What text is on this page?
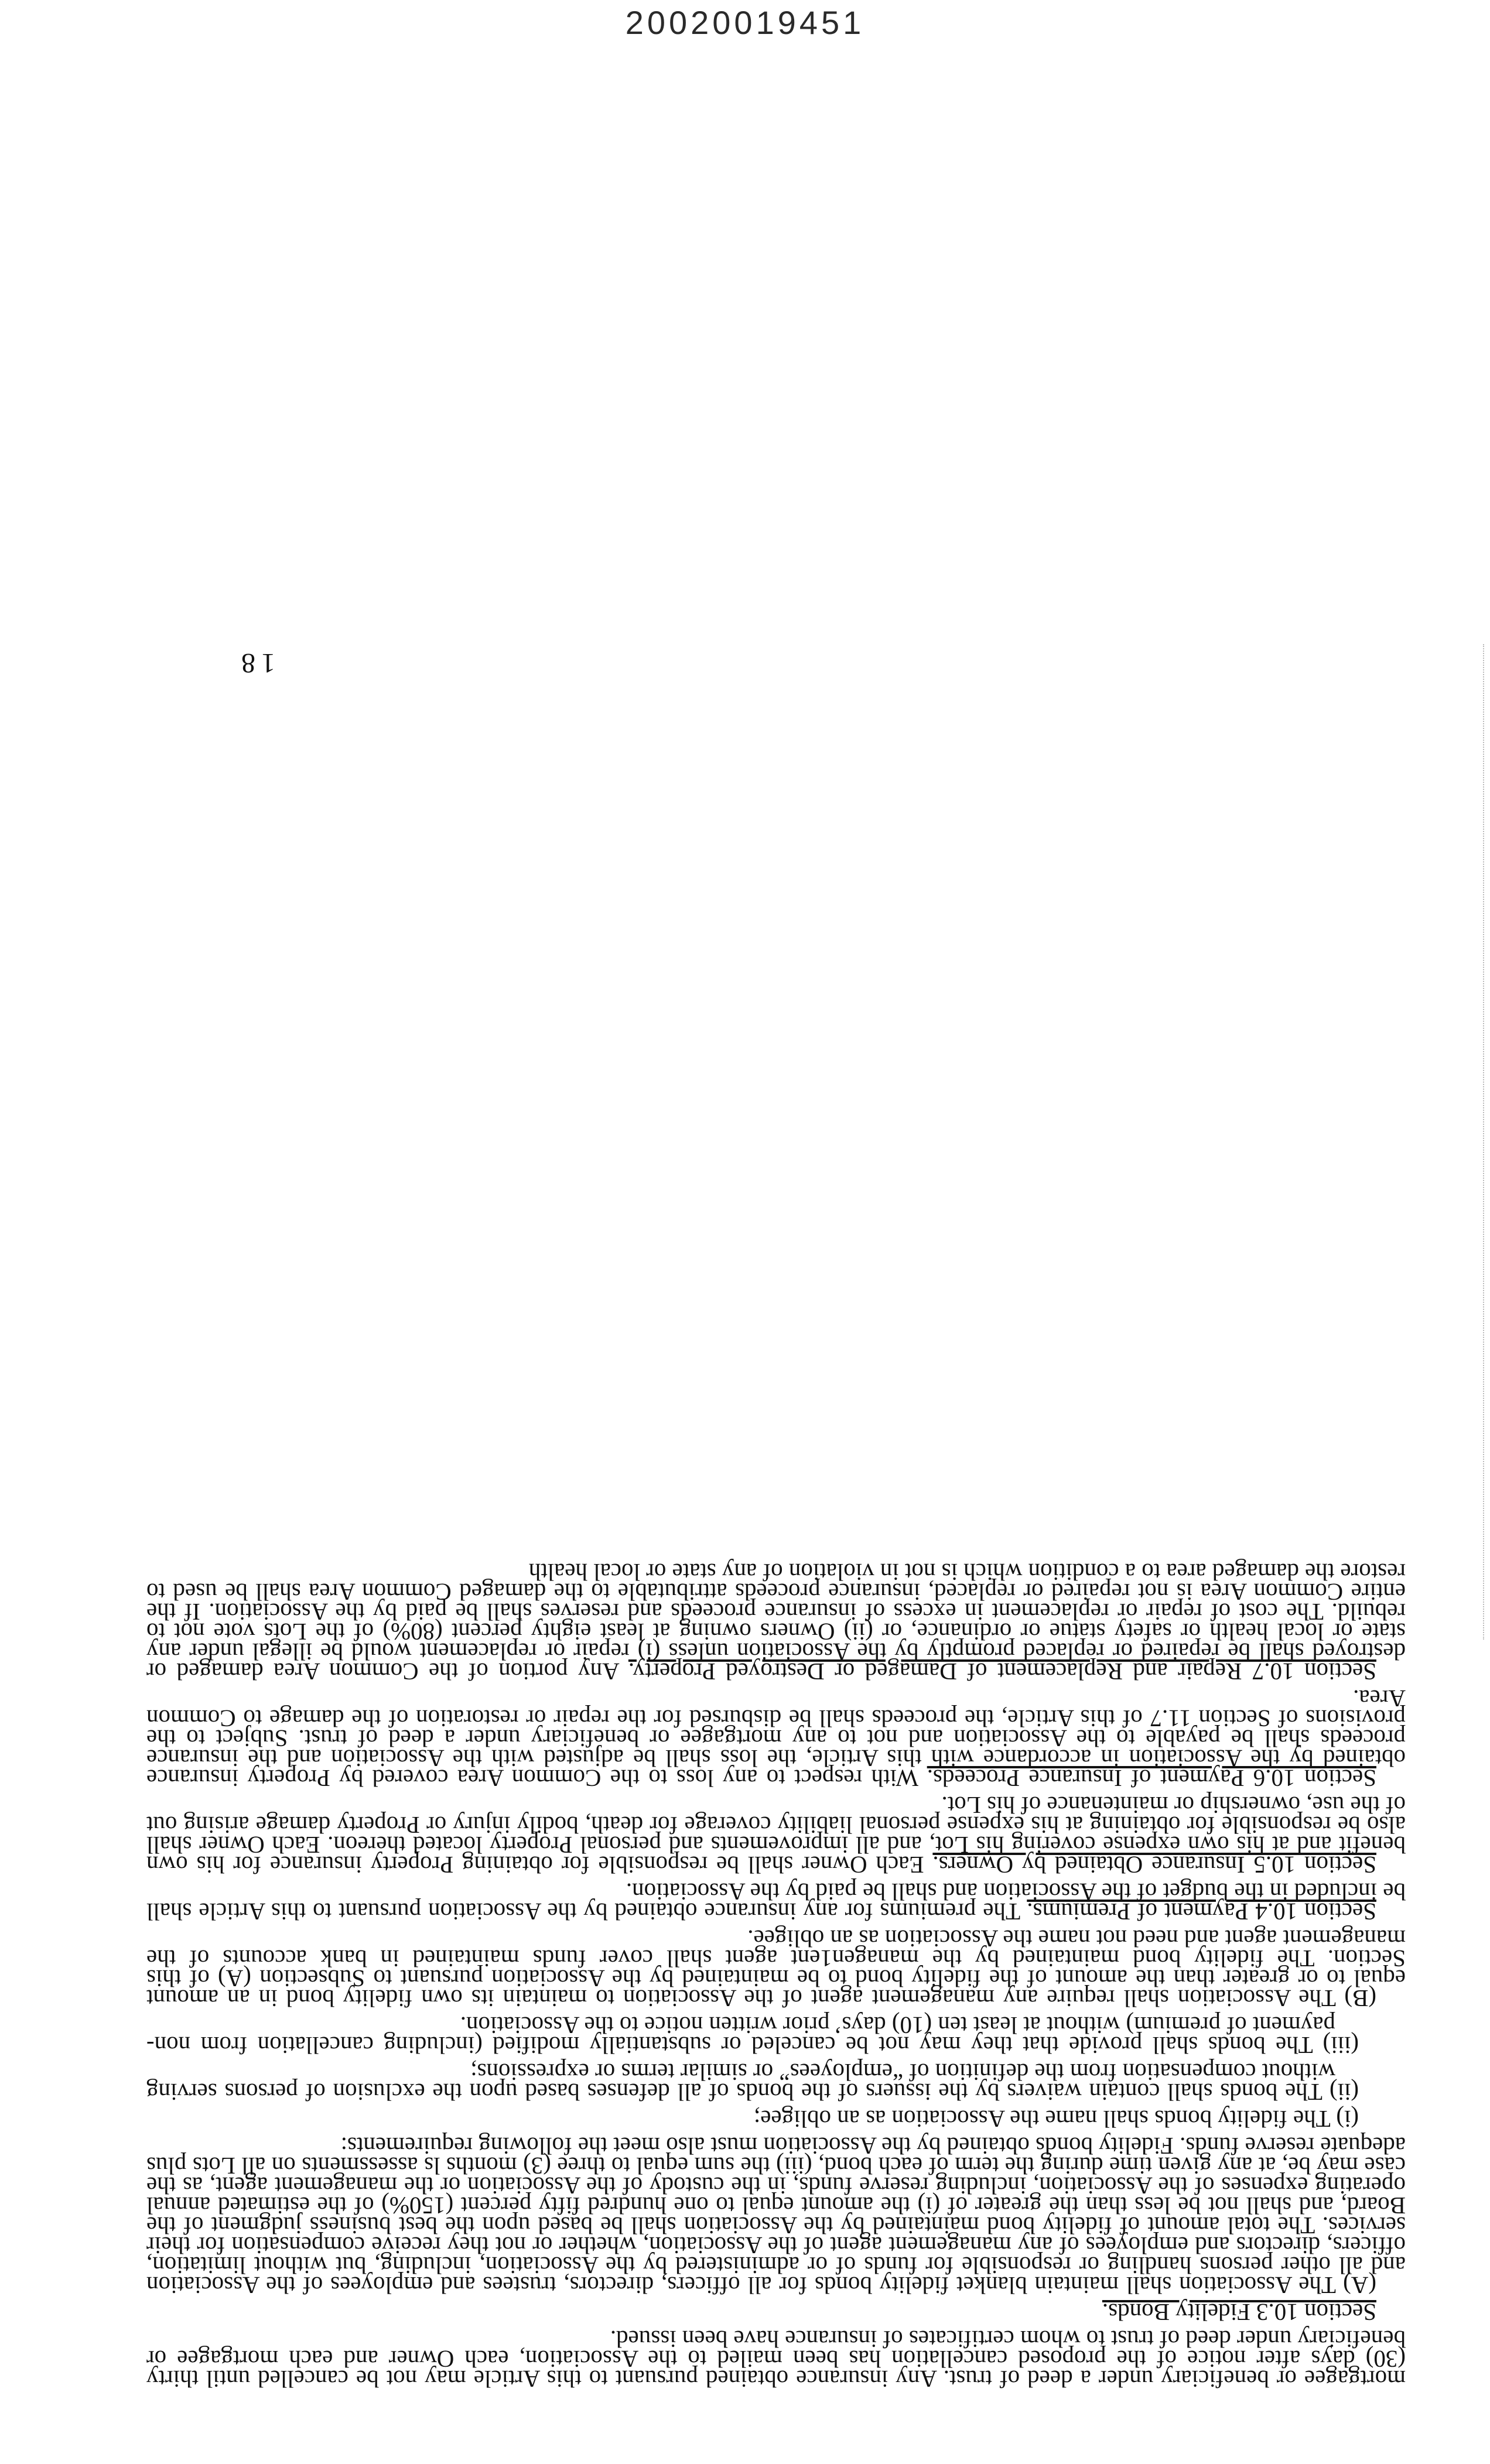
20020019451

mortgagee or beneficiary under a deed of trust. Any insurance obtained pursuant to this Article may not be cancelled until thirty (30) days after notice of the proposed cancellation has been mailed to the Association, each Owner and each mortgagee or beneficiary under deed of trust to whom certificates of insurance have been issued.

Section 10.3 Fidelity Bonds.

(A) The Association shall maintain blanket fidelity bonds for all officers, directors, trustees and employees of the Association and all other persons handling or responsible for funds of or administered by the Association, including, but without limitation, officers, directors and employees of any management agent of the Association, whether or not they receive compensation for their services. The total amount of fidelity bond maintained by the Association shall be based upon the best business judgment of the Board, and shall not be less than the greater of (i) the amount equal to one hundred fifty percent (150%) of the estimated annual operating expenses of the Association, including reserve funds, in the custody of the Association or the management agent, as the case may be, at any given time during the term of each bond, (iii) the sum equal to three (3) months ls assessments on all Lots plus adequate reserve funds. Fidelity bonds obtained by the Association must also meet the following requirements:

(i) The fidelity bonds shall name the Association as an obligee;

(ii) The bonds shall contain waivers by the issuers of the bonds of all defenses based upon the exclusion of persons serving without compensation from the definition of “employees” or similar terms or expressions;

(iii) The bonds shall provide that they may not be canceled or substantially modified (including cancellation from non-payment of premium) without at least ten (10) days’ prior written notice to the Association.

(B) The Association shall require any management agent of the Association to maintain its own fidelity bond in an amount equal to or greater than the amount of the fidelity bond to be maintained by the Association pursuant to Subsection (A) of this Section. The fidelity bond maintained by the managen1ent agent shall cover funds maintained in bank accounts of the management agent and need not name the Association as an obligee.

Section 10.4 Payment of Premiums. The premiums for any insurance obtained by the Association pursuant to this Article shall be included in the budget of the Association and shall be paid by the Association.

Section 10.5 Insurance Obtained by Owners. Each Owner shall be responsible for obtaining Property insurance for his own benefit and at his own expense covering his Lot, and all improvements and personal Property located thereon. Each Owner shall also be responsible for obtaining at his expense personal liability coverage for death, bodily injury or Property damage arising out of the use, ownership or maintenance of his Lot.

Section 10.6 Payment of Insurance Proceeds. With respect to any loss to the Common Area covered by Property insurance obtained by the Association in accordance with this Article, the loss shall be adjusted with the Association and the insurance proceeds shall be payable to the Association and not to any mortgagee or beneficiary under a deed of trust. Subject to the provisions of Section 11.7 of this Article, the proceeds shall be disbursed for the repair or restoration of the damage to Common Area.

Section 10.7 Repair and Replacement of Damaged or Destroyed Property. Any portion of the Common Area damaged or destroyed shall be repaired or replaced promptly by the Association unless (i) repair or replacement would be illegal under any state or local health or safety statue or ordinance, or (ii) Owners owning at least eighty percent (80%) of the Lots vote not to rebuild. The cost of repair or replacement in excess of insurance proceeds and reserves shall be paid by the Association. If the entire Common Area is not repaired or replaced, insurance proceeds attributable to the damaged Common Area shall be used to restore the damaged area to a condition which is not in violation of any state or local health

18
